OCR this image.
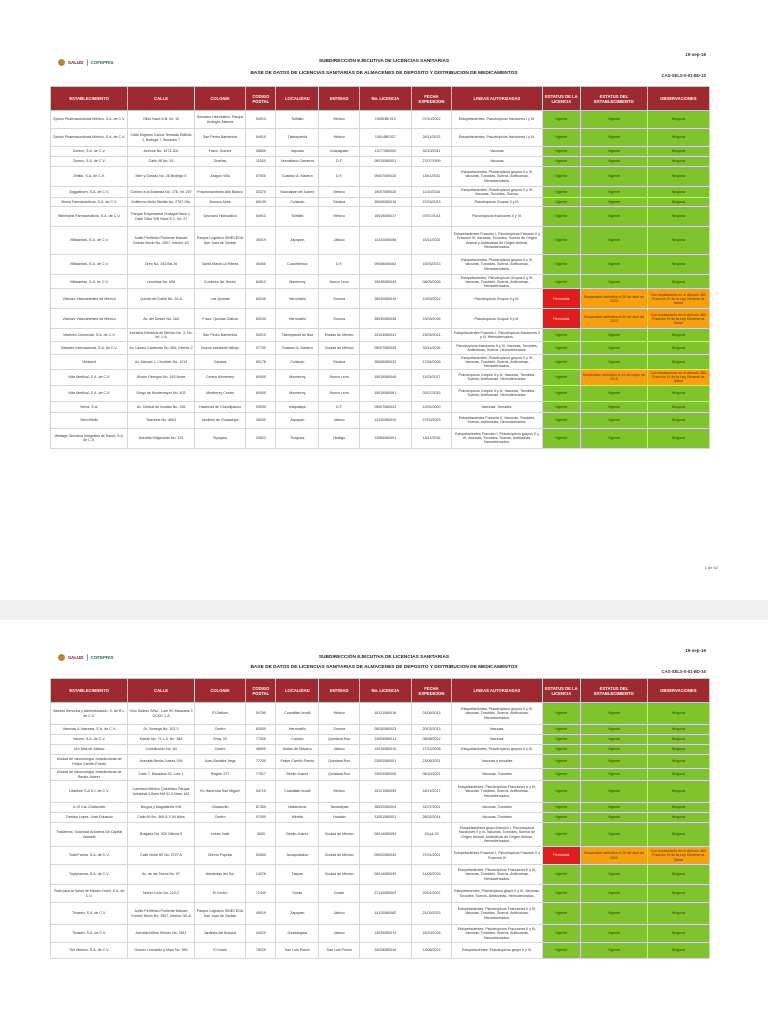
19-sep-16
SALUD COFEPRIS	SUBDIRECCIÓN EJECUTIVA DE LICENCIAS SANITARIAS
BASE DE DATOS DE LICENCIAS SANITARIAS DE ALMACENES DE DEPOSITO Y DISTRIBUCION DE MEDICAMENTOS	CAS-SELS-0-01-BD-10
ESTABLECIMIENTO	CALLE	COLONIA	CODIGO POSTAL	LOCALIDAD	ENTIDAD	No. LICENCIA	FECHA EXPEDICION	LINEAS AUTORIZADAS	ESTATUS DE LA LICENCIA	ESTATUS DEL ESTABLECIMIENTO	OBSERVACIONES
Zyrkus Pharmaceuticals México, S.A. de C.V.	Olivo Nave 6-B, Int. 10	Geovano Hidrocálico, Parque Urología Álamos	54913	Tultitlán	México	15081BE019	07/10/2022	Estupefacientes, Psicotrópicos fracciones I y III.	Vigente	Vigente	Ninguna
Zyrkus Pharmaceuticals México, S.A. de C.V.	Calle Eugenio Carlos Terrazas Edificio J, Bodega 7, Almacén 7	San Pedro Barrientos	54010	Tlalnepantla	México	15014BE027	26/11/2013	Estupefacientes, Psicotrópicos fracciones I y III.	Vigente	Vigente	Ninguna
Zurenz, S.A. de C.V.	Avenue No. 1973-302	Fracc. Gomez	36600	Irapuato	Guanajuato	11177080002	02/10/2011	Vacunas	Vigente	Vigente	Ninguna
Zurenz, S.A. de C.V.	Calle 48 No. 15	Dueñas	11520	Venustiano Carranza	D.F.	09015080001	27/07/1999	Vacunas	Vigente	Vigente	Ninguna
Zmifar, S.A. de C.V.	Mier y Dorado No. 26 Bodega X	Aragón Villa	07000	Gustavo A. Madero	D.F.	09007080026	18/11/2011	Estupefacientes, Psicotrópicos grupos II y III, Vacunas, Toxoides, Sueros, Antitoxinas, Hemoderivados.	Vigente	Vigente	Ninguna
Zoggathorn, S.A. de C.V.	Camino a la Estancia No. 176, Int. 207	Fraccionamiento Alto Blanco	53370	Naucalpan de Juárez	México	15057080026	11/10/2016	Estupefacientes, Psicotrópicos grupos II y III, Vacunas, Toxoides, Sueros.	Vigente	Vigente	Ninguna
Zinnia Farmacéuticos, S.A. de C.V.	Guillermo Nelio Steidle No. 2767 Ote.	Buenos Aires	80199	Culiacán	Sinaloa	25006080018	27/03/2013	Psicotrópicos Grupos II y III.	Vigente	Vigente	Ninguna
Weinhardt Farmacéuticos, S.A. de C.V.	Parque Empresarial Urología Nave 1, Calle Olivo S/N Nave 5 C, Int. 27	Geovano Hidrocálico	54913	Tultitlán	México	15019080017	07/07/2014	Psicotrópicos fracciones II y III.	Vigente	Vigente	Ninguna
Villasantas, S.A. de C.V.	Anillo Periférico Poniente Manuel Gómez Morin No. 2507, Interior 1G	Parque Logístico SINECEGA San Juan de Ocotán	45019	Zapopan	Jalisco	14120080058	15/12/2021	Estupefacientes Fracción I, Psicotrópicos Fracción II y Fracción III, Vacunas, Toxoides, Sueros de Origen Animal y Antitoxinas de Origen Animal, Hemoderivados.	Vigente	Vigente	Ninguna
Villasantas, S.A. de C.V.	Oreo No. 243 Bis 26	Santa María La Ribera	06400	Cuauhtémoc	D.F.	09008080063	15/03/2013	Estupefacientes, Psicotrópicos grupos II y III, Vacunas, Toxoides, Sueros, Antitoxinas, Hemoderivados.	Vigente	Vigente	Ninguna
Villasantas, S.A. de C.V.	Leonidas No. 608	Cumbres 3er Sector	64610	Monterrey	Nuevo León	19039080043	08/05/2009	Estupefacientes, Psicotrópicos Grupos II y III, Vacunas, Toxoides, Sueros, Antitoxinas, Hemoderivados.	Vigente	Vigente	Ninguna
Vitamex Vitanutrientes de México	Quinta del Doble No. 20-A	Las Quintas	83240	Hermosillo	Sonora	26030080019	10/09/2012	Psicotrópicos Grupos II y III.	Revocada	Suspensión definitiva el 20 de abril de 2023	Con fundamento en el Artículo 380 Fracción IV de la Ley General de Salud
Vitamex Vitanutrientes de México	Av. del Deseo No. 164	Fracc. Quintas Galicia	83240	Hermosillo	Sonora	26030080038	23/03/2016	Psicotrópicos Grupos II y III.	Revocada	Suspensión definitiva el 20 de abril de 2023	Con fundamento en el Artículo 380 Fracción IV de la Ley General de Salud
Vitalmex Comercial, S.A. de C.V.	Industria Eléctrica de México No. 3, No. Int. 1-A	San Pedro Barrientos	54010	Tlalnepantla de Baz	Estado de México	15104080041	15/04/2014	Estupefacientes Fracción I, Psicotrópicos fracciones II y III, Hemoderivados.	Vigente	Vigente	Ninguna
Vitalmex Internacional, S.A. de C.V.	Av. Lázaro Cárdenas No. 863, Interior 2	Nueva Industrial Vallejo	07700	Gustavo A. Madero	Ciudad de México	09007080028	30/11/2016	Psicotrópicos fracciones II y III, Vacunas, Toxoides, Antitoxinas, Sueros, Hemoderivados.	Vigente	Vigente	Ninguna
Vidamed	Av. Manuel J. Clouthier No. 1212	Canadá	80178	Culiacán	Sinaloa	25006080032	17/04/2009	Estupefacientes, Psicotrópicos grupos II y III, Vacunas, Toxoides, Sueros, Antitoxinas, Hemoderivados.	Vigente	Vigente	Ninguna
Vida Medical, S.A. de C.V.	Álvaro Obregón No. 163 Norte	Centro Monterrey	64000	Monterrey	Nuevo León	19039080046	11/03/2017	Psicotrópicos Grupos II y III, Vacunas, Toxoides, Sueros, Antitoxinas, Hemoderivados.	Vigente	Suspensión definitiva el 12 de mayo de 2018	Con fundamento en el Artículo 380 Fracción IV de la Ley General de Salud
Vida Medical, S.A. de C.V.	Diego de Montemayor No. 403	Monterrey Centro	64000	Monterrey	Nuevo León	19039080061	02/07/2015	Psicotrópicos Grupos II y III, Vacunas, Toxoides, Sueros, Antitoxinas, Hemoderivados.	Vigente	Vigente	Ninguna
Verna, S.A.	Av. Central de Ixcatán No. 195	Hacienda de Chamilpanco	09030	Iztapalapa	D.F.	09007080023	10/02/2000	Vacunas, Toxoides.	Vigente	Vigente	Ninguna
Vera Medic	Tesmone No. 4603	Jardines de Guadalupe	45030	Zapopan	Jalisco	14120080010	27/03/2023	Estupefacientes Fracción II, Vacunas, Toxoides, Sueros, Antitoxinas, Hemoderivados.	Vigente	Vigente	Ninguna
Ventage Servicios Integrales de Salud, S.A. de C.V.	Avenida Diligencias No. 131	Tepojaco	43822	Tizayuca	Hidalgo	13069080001	18/11/2016	Estupefacientes Fracción I, Psicotrópicos grupos II y III, Vacunas, Toxoides, Sueros, Antitoxinas, Hemoderivados.	Vigente	Vigente	Ninguna
1 de 62
19-sep-16
SALUD COFEPRIS	SUBDIRECCIÓN EJECUTIVA DE LICENCIAS SANITARIAS
BASE DE DATOS DE LICENCIAS SANITARIAS DE ALMACENES DE DEPOSITO Y DISTRIBUCION DE MEDICAMENTOS
CAS-SELS-0-01-BD-10
ESTABLECIMIENTO	CALLE	COLONIA	CODIGO POSTAL	LOCALIDAD	ENTIDAD	No. LICENCIA	FECHA EXPEDICION	LINEAS AUTORIZADAS	ESTATUS DE LA LICENCIA	ESTATUS DEL ESTABLECIMIENTO	OBSERVACIONES
Valeant Servicios y Administración, S. de R.L. de C.V.	Vino Suárez S/No., Lote 9C Manzana 3 OCDC 1-A	El Sabino	54780	Cuautitlán Izcalli	México	15121080016	02/06/2013	Estupefacientes, Psicotrópicos grupos II y III, Vacunas, Toxoides, Sueros, Antitoxinas, Hemoderivados.	Vigente	Vigente	Ninguna
Vacunas & Vacunas, S.A. de C.V.	Dr. Noriega No. 103-3	Centro	83000	Hermosillo	Sonora	26030080023	20/03/2013	Vacunas.	Vigente	Vigente	Ninguna
Vacum, S.A. de C.V.	Kabah Mz. 71 L 5, No. 365	Sreg. 93	77500	Cancún	Quintana Roo	23005080013	08/08/2012	Vacunas.	Vigente	Vigente	Ninguna
Uro Mas de Jalisco	Constitución No. 84	Centro	48900	Autlán de Navarro	Jalisco	14015080010	17/12/2008	Estupefacientes, Psicotrópicos grupos II y III.	Vigente	Vigente	Ninguna
Unidad de Vacunología Jurisdiccional de Felipe Carrillo Puerto	Avenida Benito Juárez S/N	Juan Bautista Vega	77200	Felipe Carrillo Puerto	Quintana Roo	23002080001	23/06/2021	Vacunas y toxoides	Vigente	Vigente	Ninguna
Unidad de Vacunología Jurisdiccional de Benito Juárez	Calle 7, Manzana 33, Lote 1	Región 227	77517	Benito Juárez	Quintana Roo	23003080005	06/10/2021	Vacunas, Toxoides	Vigente	Vigente	Ninguna
Ubicitum S.A.D.I. de C.V.	Carretera México Querétaro Parque Industrial 3 Bdm KM 41.5 Nave 153	Ex Hacienda San Miguel	54715	Cuautitlán Izcalli	México	15121080053	18/12/2017	Estupefacientes, Psicotrópicos Fracciones II y III, Vacunas, Toxoides, Sueros, Antitoxinas, Hemoderivados.	Vigente	Vigente	Ninguna
U.Ol Cal. Chalancito	Burgos y Magallanes S/N	Chalancito	87365	Matamoros	Tamaulipas	28022080003	31/07/2021	Vacunas, Toxoides	Vigente	Vigente	Ninguna
Tranfau López, José Eduardo	Calle 69 No. 369-A X 64 Altos	Centro	97000	Mérida	Yucatán	31051080001	26/02/2014	Vacunas, Toxoides	Vigente	Vigente	Ninguna
Tradamed, Sociedad Anónima De Capital Variable	Bulgaria No. 529 Oficina 9	Letrán Valle	3650	Benito Juárez	Ciudad de México	09014080054	16-jul-23	Estupefacientes grupo fracción I, Psicotrópicos fracciones II y III, Vacunas, Toxoides, Sueros de Origen Animal, Antitoxinas de Origen Animal, Hemoderivados.	Vigente	Vigente	Ninguna
Total Farma, S.A. de C.V.	Calle Norte 69 No. 2727 A	Obrero Popular	02840	Azcapotzalco	Ciudad de México	09002080032	27/01/2021	Estupefacientes Fracción I, Psicotrópicos Fracción II y Fracción III	Revocada	Suspensión definitiva el 20 de abril de 2023	Con fundamento en el Artículo 380 Fracción IV de la Ley General de Salud
Topipharma, S.A. de C.V.	Av. de las Torres No. 57	Arboledas del Sur	14376	Tlalpan	Ciudad de México	09014080039	14/06/2019	Estupefacientes, Psicotrópicos Fracciones II y III, Vacunas, Toxoides, Sueros, Antitoxinas, Hemoderivados.	Vigente	Vigente	Ninguna
Todo para la Salud de México Goell, S.A. de C.V.	Nuevo León No. 122-2	El Centro	72440	Durán	Durán	27140080003	20/02/2007	Estupefacientes, Psicotrópicos grupo II y III, Vacunas, Toxoides, Sueros, Antitoxinas, Hemoderivados.	Vigente	Vigente	Ninguna
Tivasen, S.A. de C.V.	Anillo Periférico Poniente Manuel Gómez Morin No. 2507, Interior 0G-A	Parque Logístico SINECEGA San Juan de Ocotán	45019	Zapopan	Jalisco	14120080062	21/03/2023	Estupefacientes, Psicotrópicos Fracciones II y III, Vacunas, Toxoides, Sueros, Antitoxinas, Hemoderivados.	Vigente	Vigente	Ninguna
Tivasen, S.A. de C.V.	Avenida Niños Héroes No. 2611	Jardines del Bosque	44520	Guadalajara	Jalisco	14039080074	18/10/2016	Estupefacientes, Psicotrópicos Fracciones II y III, Vacunas, Toxoides, Sueros, Antitoxinas, Hemoderivados.	Vigente	Vigente	Ninguna
The Medico, S.A. de C.V.	Gomez Leonardo y Mam No. 550	El Oasis	78320	San Luis Potosí	San Luis Potosí	24028080016	13/06/2012	Estupefacientes, Psicotrópicos grupo II y III.	Vigente	Vigente	Ninguna
